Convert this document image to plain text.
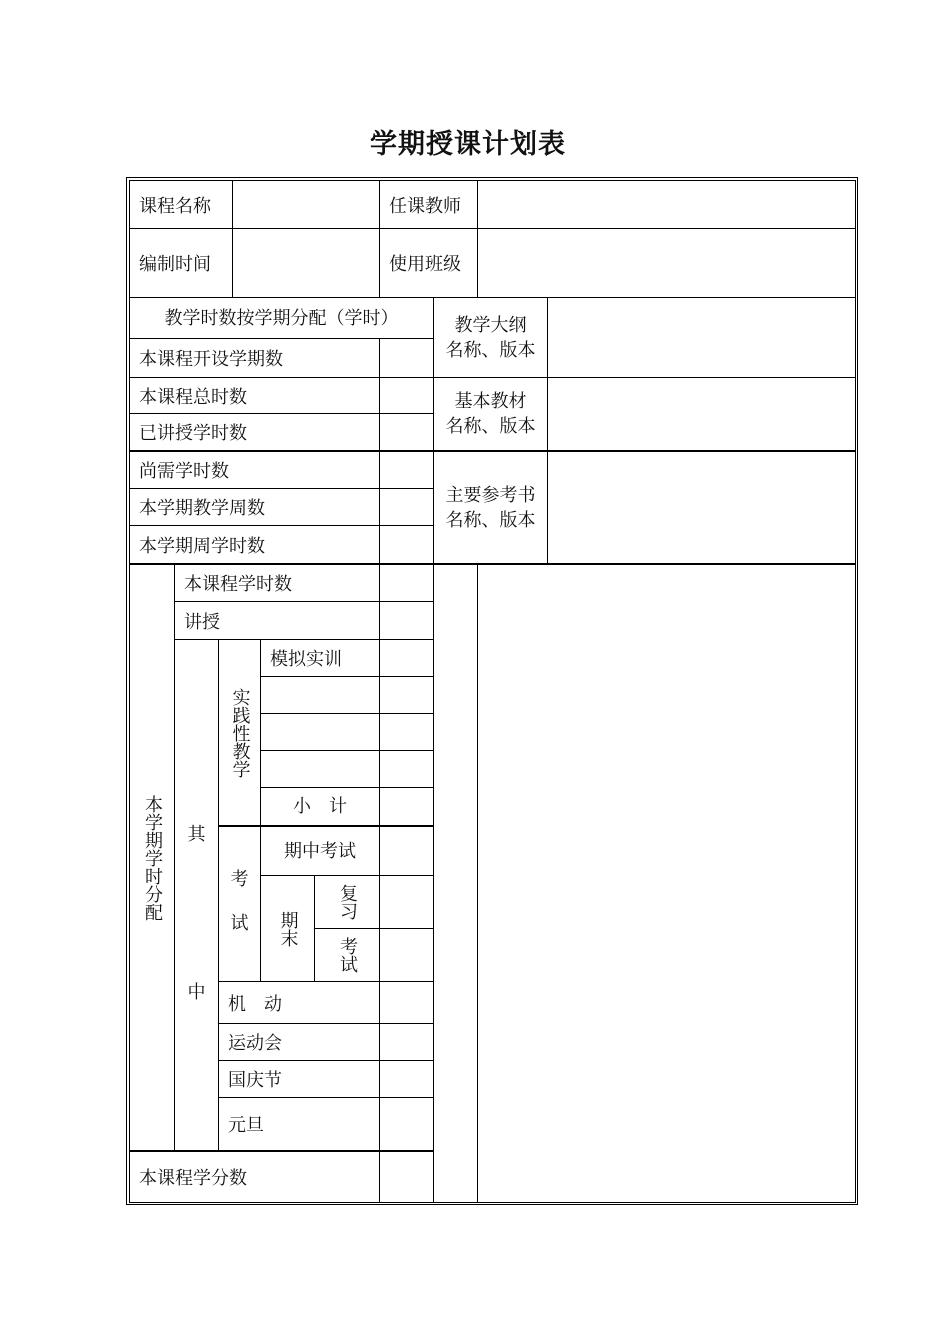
学期授课计划表
课程名称	任课教师
编制时间	使用班级
教学时数按学期分配（学时）
本课程开设学期数
本课程总时数
已讲授学时数
尚需学时数
本学期教学周数
本学期周学时数
教学大纲
名称、版本
基本教材
名称、版本
主要参考书
名称、版本
本学期学时分配
本课程学时数
讲授
其
中
实践性教学
模拟实训
小　计
考
试
期中考试
期末
复习
考试
机　动
运动会
国庆节
元旦
本课程学分数
